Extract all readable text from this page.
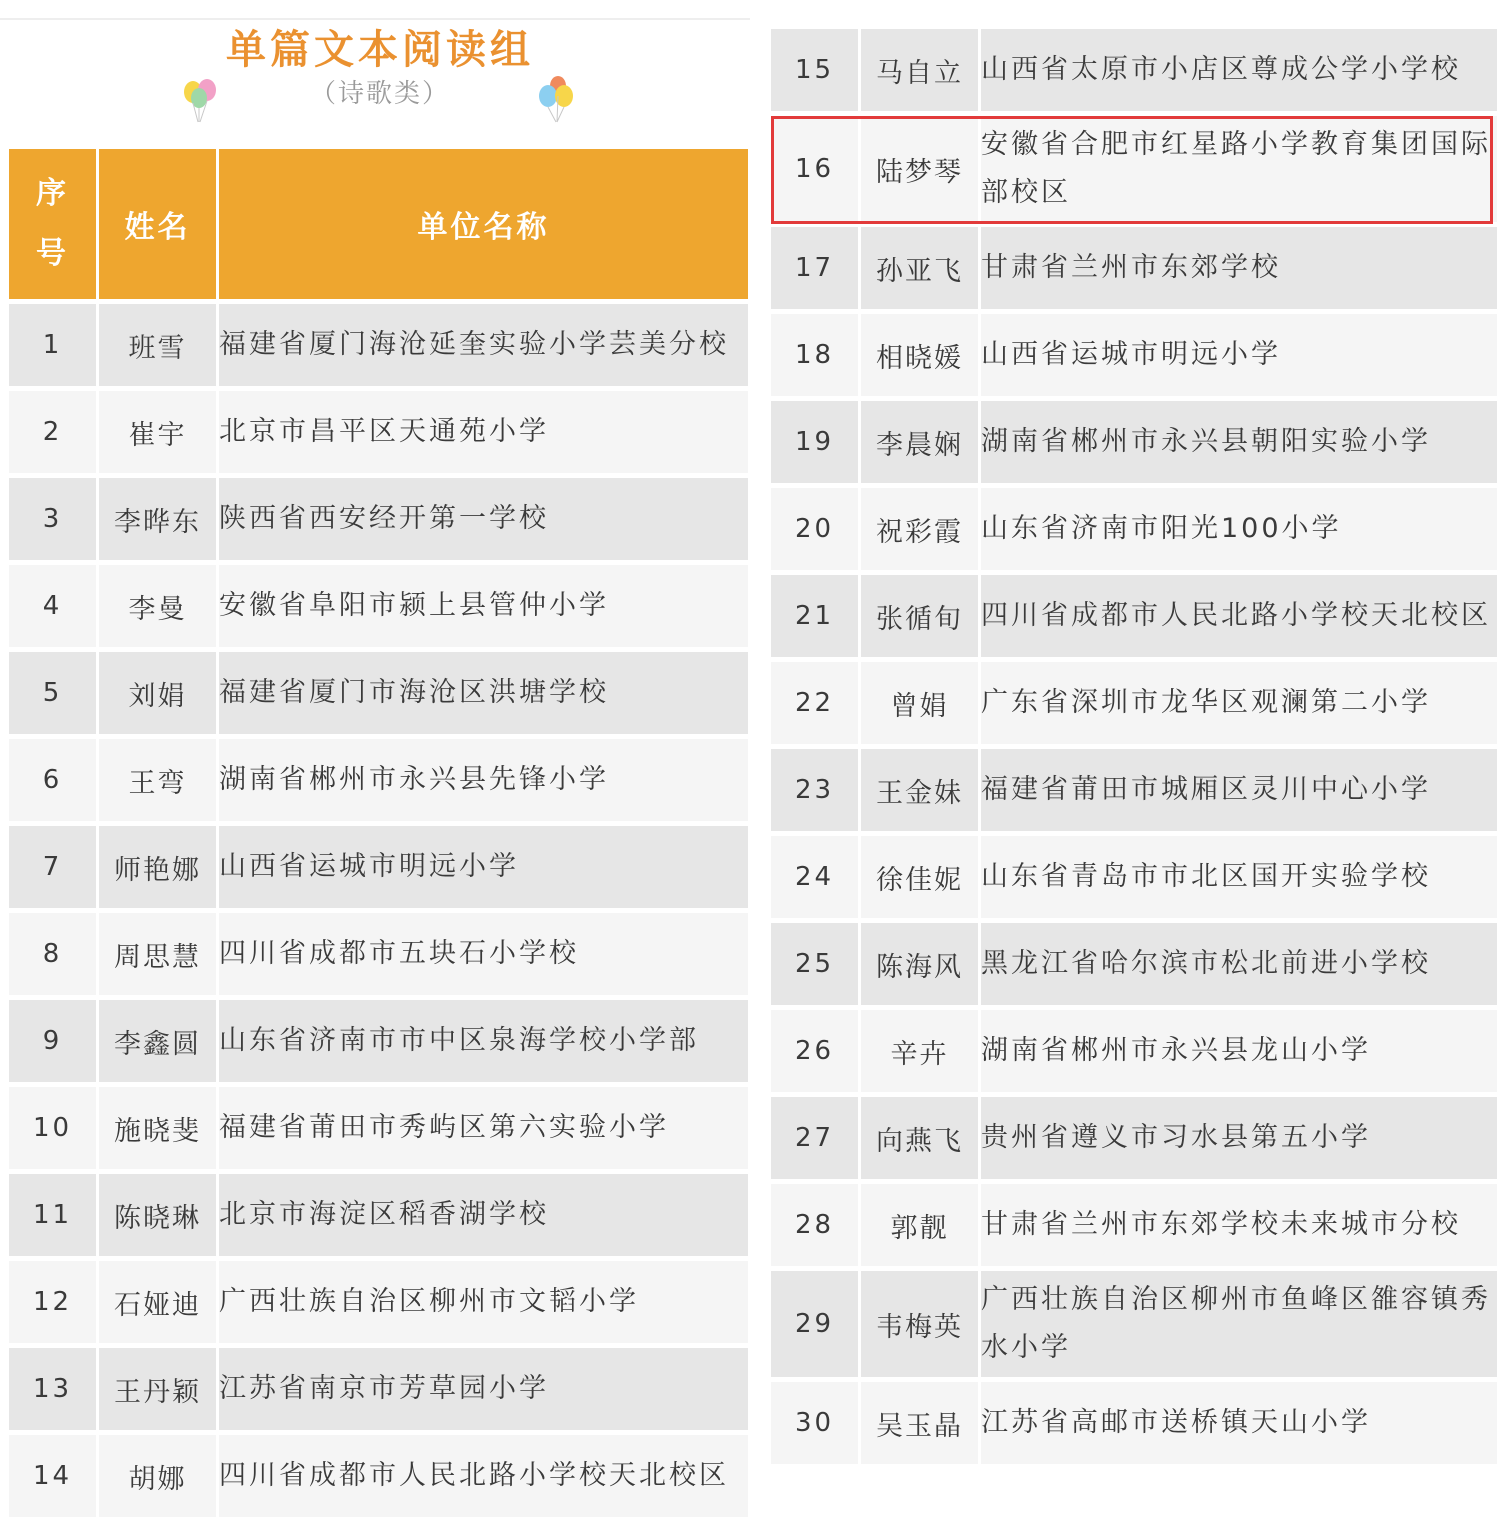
单篇文本阅读组
（诗歌类）
序
号	姓名	单位名称
1	班雪	福建省厦门海沧延奎实验小学芸美分校
2	崔宇	北京市昌平区天通苑小学
3	李晔东	陕西省西安经开第一学校
4	李曼	安徽省阜阳市颍上县管仲小学
5	刘娟	福建省厦门市海沧区洪塘学校
6	王弯	湖南省郴州市永兴县先锋小学
7	师艳娜	山西省运城市明远小学
8	周思慧	四川省成都市五块石小学校
9	李鑫圆	山东省济南市市中区泉海学校小学部
10	施晓斐	福建省莆田市秀屿区第六实验小学
11	陈晓琳	北京市海淀区稻香湖学校
12	石娅迪	广西壮族自治区柳州市文韬小学
13	王丹颖	江苏省南京市芳草园小学
14	胡娜	四川省成都市人民北路小学校天北校区
15	马自立	山西省太原市小店区尊成公学小学校
16	陆梦琴	安徽省合肥市红星路小学教育集团国际部校区
17	孙亚飞	甘肃省兰州市东郊学校
18	相晓媛	山西省运城市明远小学
19	李晨娴	湖南省郴州市永兴县朝阳实验小学
20	祝彩霞	山东省济南市阳光100小学
21	张循旬	四川省成都市人民北路小学校天北校区
22	曾娟	广东省深圳市龙华区观澜第二小学
23	王金妹	福建省莆田市城厢区灵川中心小学
24	徐佳妮	山东省青岛市市北区国开实验学校
25	陈海风	黑龙江省哈尔滨市松北前进小学校
26	辛卉	湖南省郴州市永兴县龙山小学
27	向燕飞	贵州省遵义市习水县第五小学
28	郭靓	甘肃省兰州市东郊学校未来城市分校
29	韦梅英	广西壮族自治区柳州市鱼峰区雒容镇秀水小学
30	吴玉晶	江苏省高邮市送桥镇天山小学
